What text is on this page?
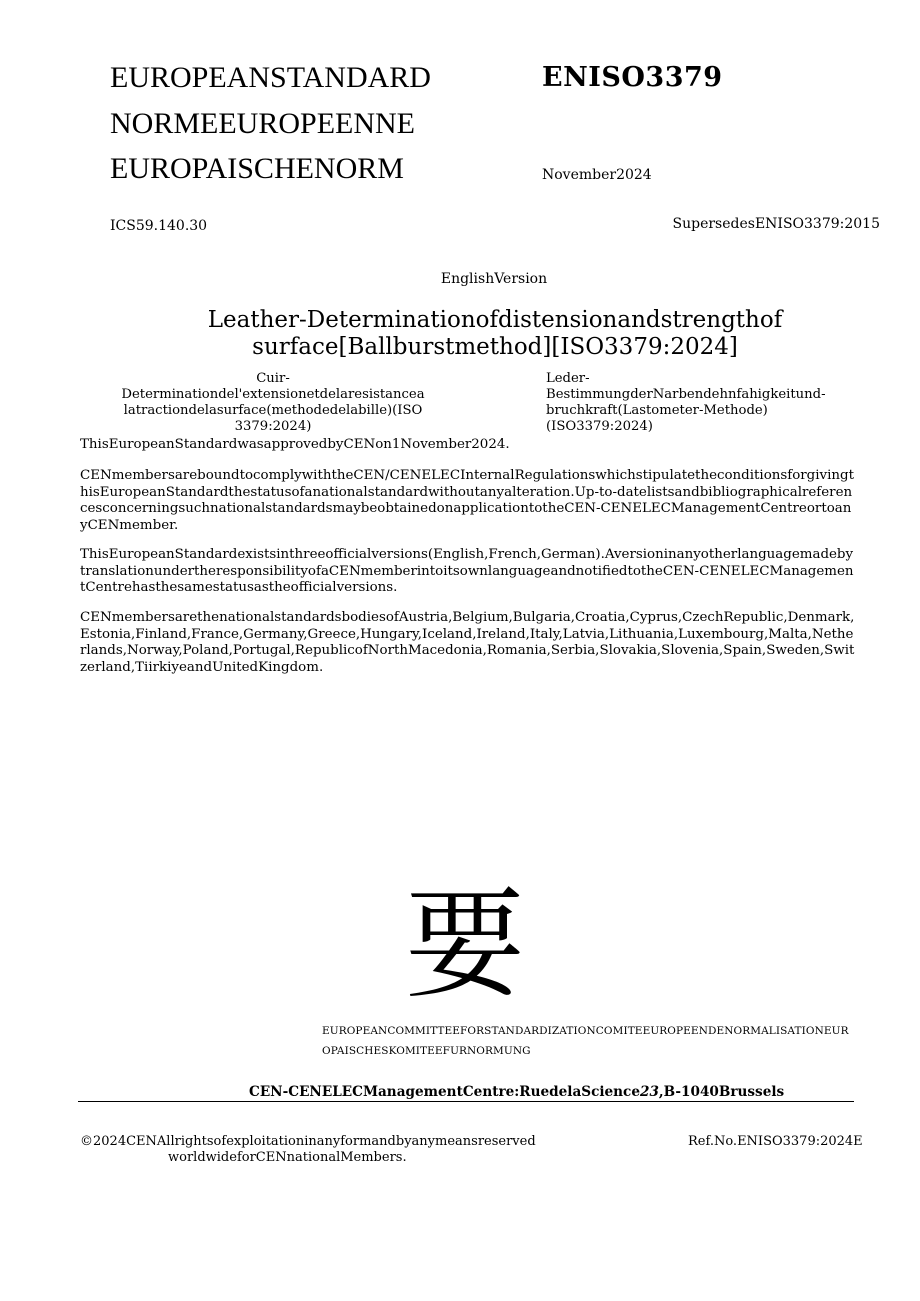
EUROPEANSTANDARD
NORMEEUROPEENNE
EUROPAISCHENORM
ENISO3379
November2024
ICS59.140.30	SupersedesENISO3379:2015
EnglishVersion
Leather-Determinationofdistensionandstrengthof surface[Ballburstmethod][ISO3379:2024]
Cuir-Determinationdel'extensionetdelaresistancea latractiondelasurface(methodedelabille)(ISO 3379:2024)
Leder-BestimmungderNarbendehnfahigkeitund- bruchkraft(Lastometer-Methode)(ISO3379:2024)
ThisEuropeanStandardwasapprovedbyCENon1November2024.
CENmembersareboundtocomplywiththeCEN/CENELECInternalRegulationswhichstipulatetheconditionsforgivingthisEuropeanStandardthestatusofanationalstandardwithoutanyalteration.Up-to-datelistsandbibliographicalreferencesconcerningsuchnationalstandardsmaybeobtainedonapplicationtotheCEN-CENELECManagementCentreortoanyCENmember.
ThisEuropeanStandardexistsinthreeofficialversions(English,French,German).AversioninanyotherlanguagemadebytranslationundertheresponsibilityofaCENmemberintoitsownlanguageandnotifiedtotheCEN-CENELECManagementCentrehasthesamestatusastheofficialversions.
CENmembersarethenationalstandardsbodiesofAustria,Belgium,Bulgaria,Croatia,Cyprus,CzechRepublic,Denmark,Estonia,Finland,France,Germany,Greece,Hungary,Iceland,Ireland,Italy,Latvia,Lithuania,Luxembourg,Malta,Netherlands,Norway,Poland,Portugal,RepublicofNorthMacedonia,Romania,Serbia,Slovakia,Slovenia,Spain,Sweden,Switzerland,TiirkiyeandUnitedKingdom.
要
EUROPEANCOMMITTEEFORSTANDARDIZATIONCOMITEEUROPEENDENORMALISATIONEUROPAISCHESKOMITEEFURNORMUNG
CEN-CENELECManagementCentre:RuedelaScience23,B-1040Brussels
©2024CENAllrightsofexploitationinanyformandbyanymeansreserved
worldwideforCENnationalMembers.
Ref.No.ENISO3379:2024E
